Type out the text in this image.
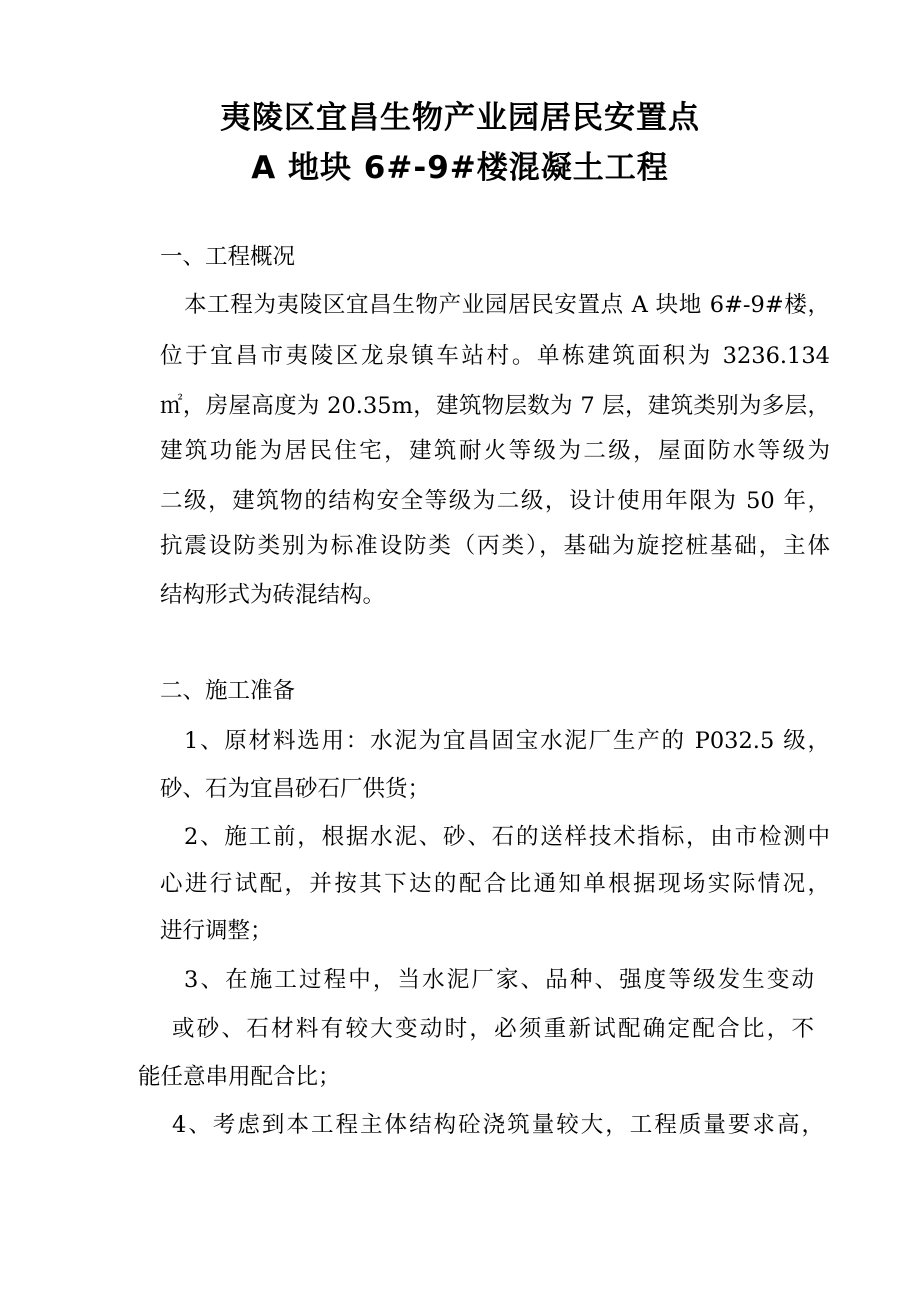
夷陵区宜昌生物产业园居民安置点
A 地块 6#-9#楼混凝土工程
一、工程概况
本工程为夷陵区宜昌生物产业园居民安置点 A 块地 6#-9#楼，
位于宜昌市夷陵区龙泉镇车站村。单栋建筑面积为 3236.134
㎡，房屋高度为 20.35m，建筑物层数为 7 层，建筑类别为多层，
建筑功能为居民住宅，建筑耐火等级为二级，屋面防水等级为
二级，建筑物的结构安全等级为二级，设计使用年限为 50 年，
抗震设防类别为标准设防类（丙类），基础为旋挖桩基础，主体
结构形式为砖混结构。
二、施工准备
1、原材料选用：水泥为宜昌固宝水泥厂生产的 P032.5 级，
砂、石为宜昌砂石厂供货；
2、施工前，根据水泥、砂、石的送样技术指标，由市检测中
心进行试配，并按其下达的配合比通知单根据现场实际情况，
进行调整；
3、在施工过程中，当水泥厂家、品种、强度等级发生变动
或砂、石材料有较大变动时，必须重新试配确定配合比，不
能任意串用配合比；
4、考虑到本工程主体结构砼浇筑量较大，工程质量要求高，
